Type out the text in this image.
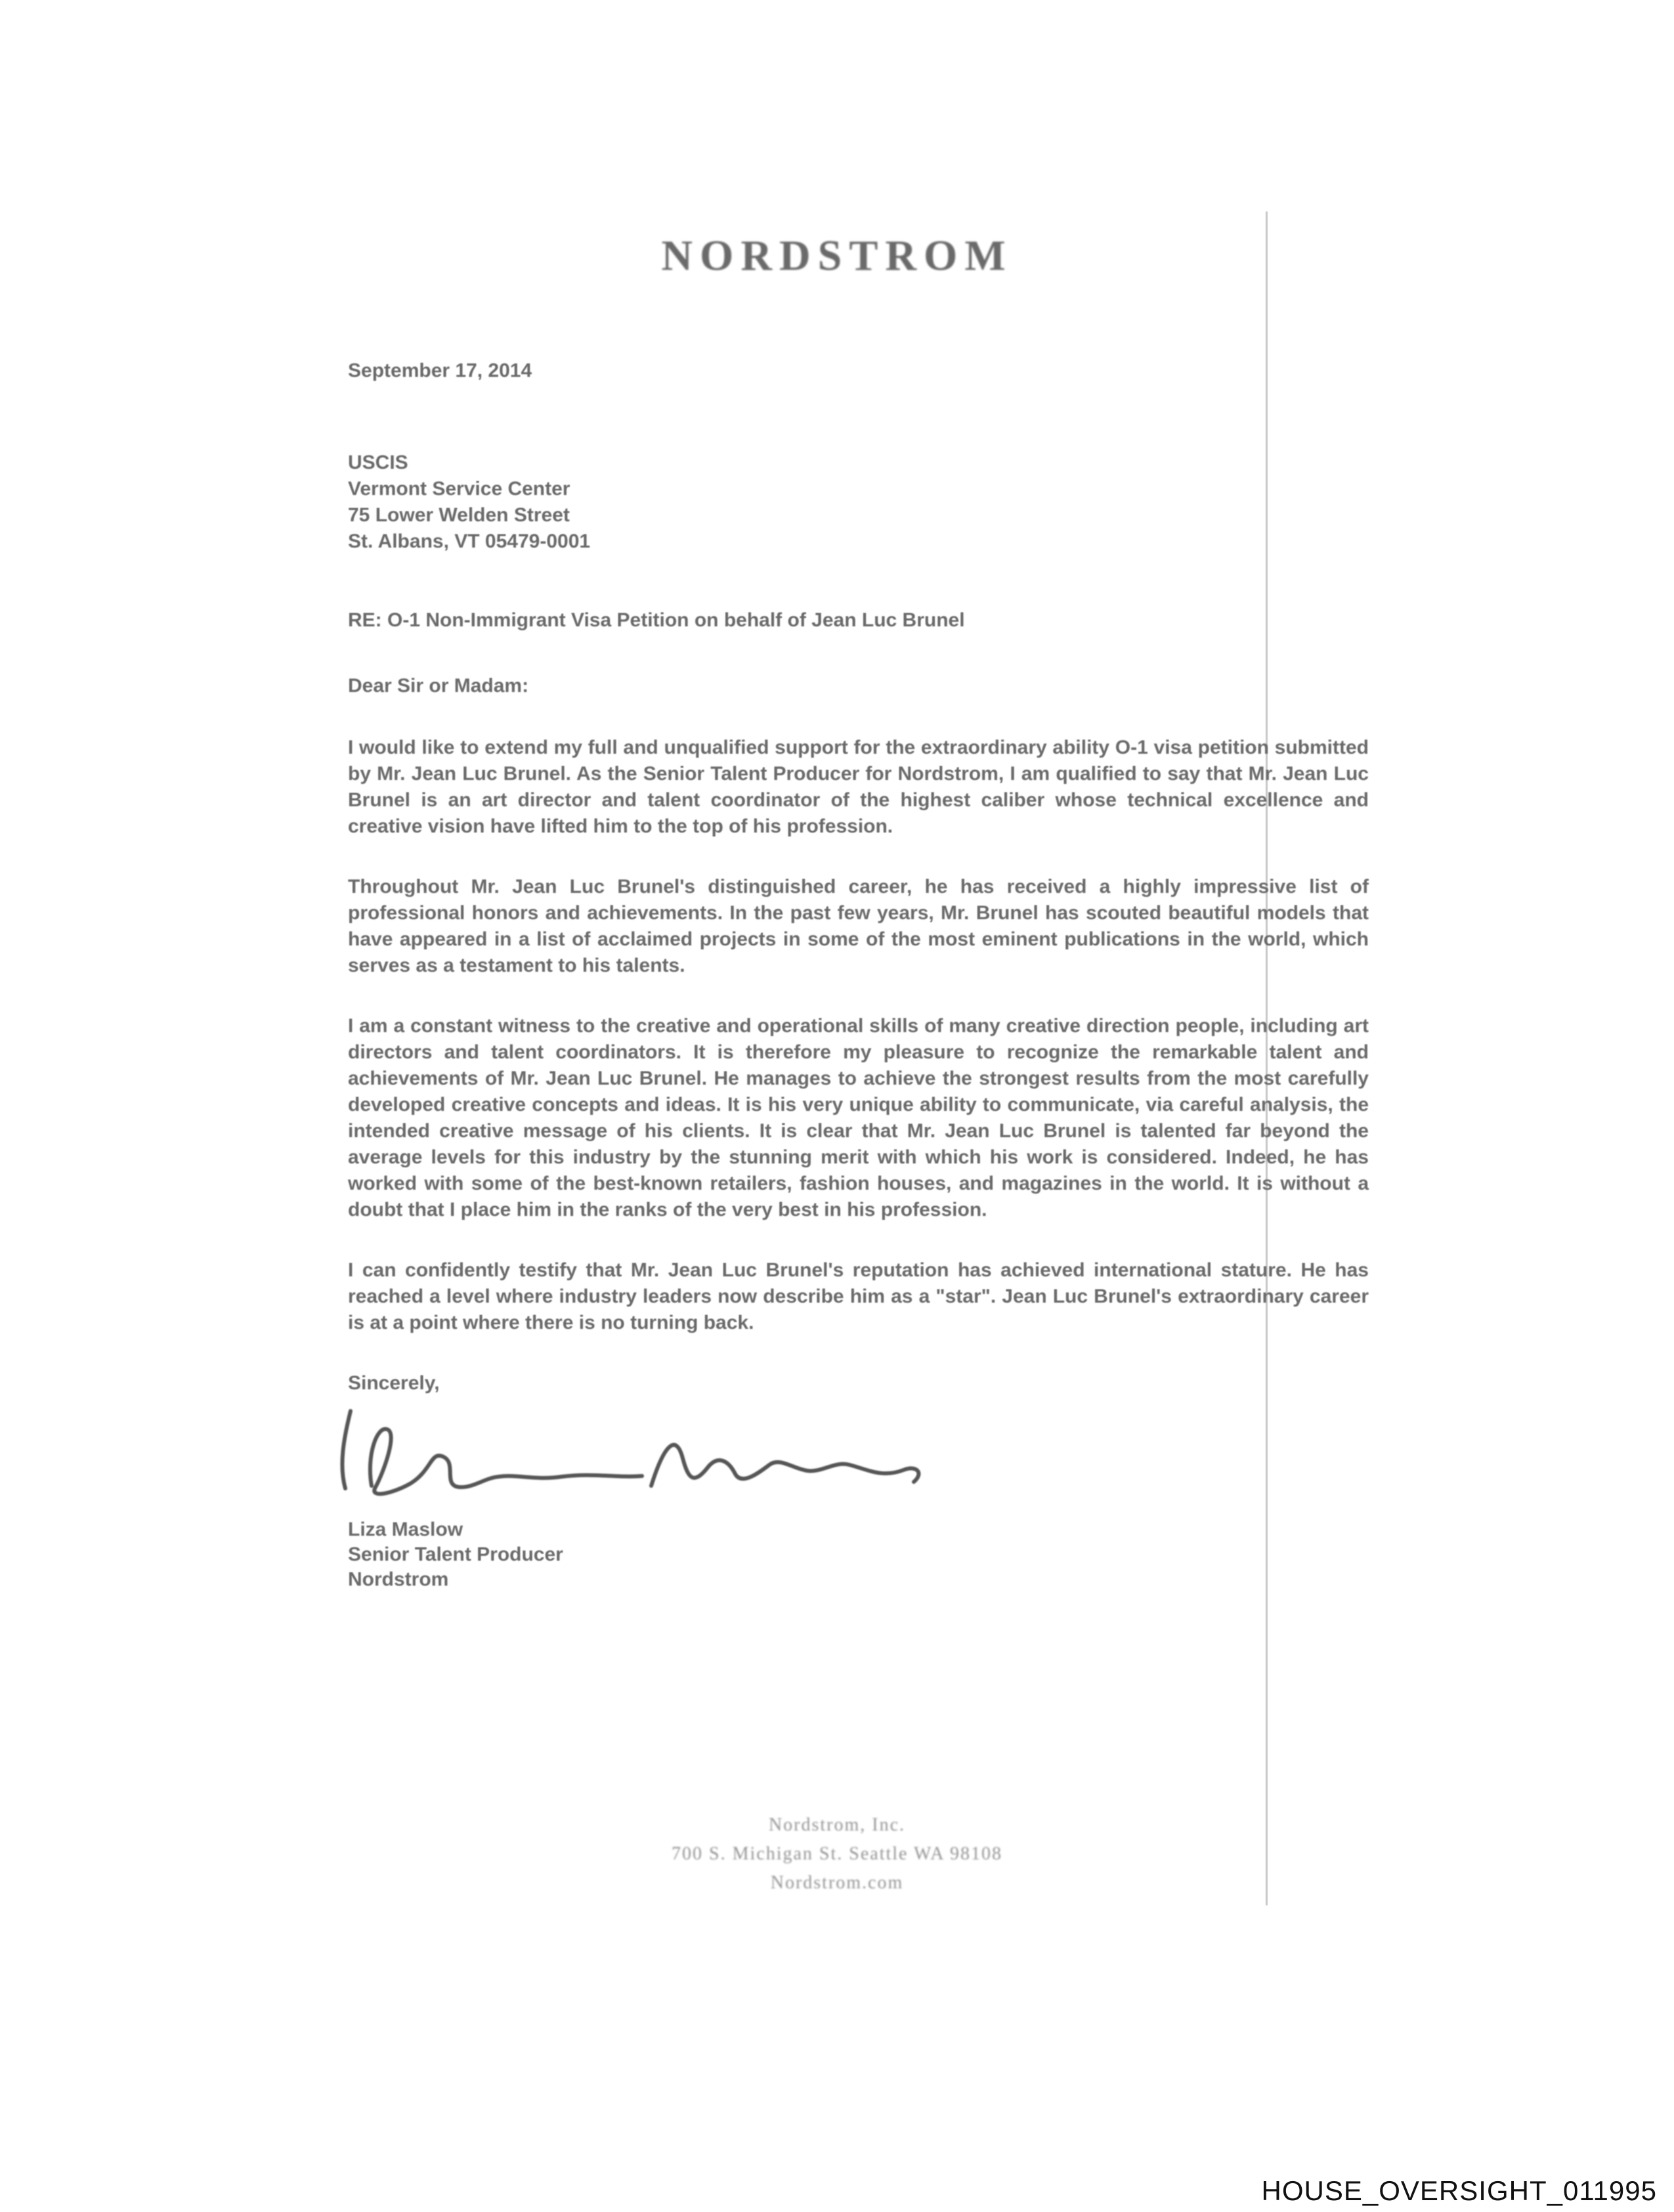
NORDSTROM
September 17, 2014
USCIS
Vermont Service Center
75 Lower Welden Street
St. Albans, VT 05479-0001
RE: O-1 Non-Immigrant Visa Petition on behalf of Jean Luc Brunel
Dear Sir or Madam:

I would like to extend my full and unqualified support for the extraordinary ability O-1 visa petition submitted by Mr. Jean Luc Brunel. As the Senior Talent Producer for Nordstrom, I am qualified to say that Mr. Jean Luc Brunel is an art director and talent coordinator of the highest caliber whose technical excellence and creative vision have lifted him to the top of his profession.

Throughout Mr. Jean Luc Brunel's distinguished career, he has received a highly impressive list of professional honors and achievements. In the past few years, Mr. Brunel has scouted beautiful models that have appeared in a list of acclaimed projects in some of the most eminent publications in the world, which serves as a testament to his talents.

I am a constant witness to the creative and operational skills of many creative direction people, including art directors and talent coordinators. It is therefore my pleasure to recognize the remarkable talent and achievements of Mr. Jean Luc Brunel. He manages to achieve the strongest results from the most carefully developed creative concepts and ideas. It is his very unique ability to communicate, via careful analysis, the intended creative message of his clients. It is clear that Mr. Jean Luc Brunel is talented far beyond the average levels for this industry by the stunning merit with which his work is considered. Indeed, he has worked with some of the best-known retailers, fashion houses, and magazines in the world. It is without a doubt that I place him in the ranks of the very best in his profession.

I can confidently testify that Mr. Jean Luc Brunel's reputation has achieved international stature. He has reached a level where industry leaders now describe him as a "star". Jean Luc Brunel's extraordinary career is at a point where there is no turning back.

Sincerely,
Liza Maslow
Senior Talent Producer
Nordstrom
Nordstrom, Inc.
700 S. Michigan St. Seattle WA 98108
Nordstrom.com
HOUSE_OVERSIGHT_011995
